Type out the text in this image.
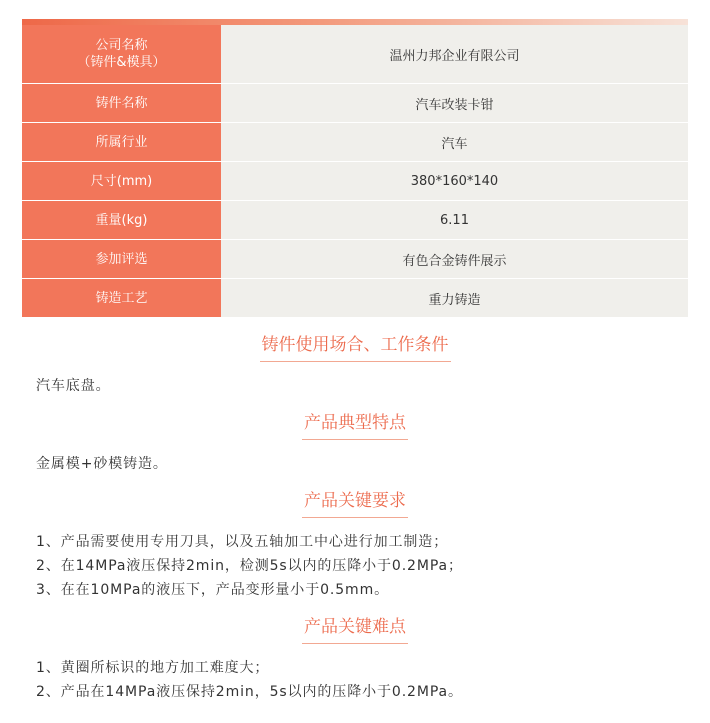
公司名称
（铸件&模具）	温州力邦企业有限公司
铸件名称	汽车改装卡钳
所属行业	汽车
尺寸(mm)	380*160*140
重量(kg)	6.11
参加评选	有色合金铸件展示
铸造工艺	重力铸造
铸件使用场合、工作条件

汽车底盘。

产品典型特点

金属模+砂模铸造。

产品关键要求

1、产品需要使用专用刀具，以及五轴加工中心进行加工制造；

2、在14MPa液压保持2min，检测5s以内的压降小于0.2MPa；

3、在在10MPa的液压下，产品变形量小于0.5mm。

产品关键难点

1、黄圈所标识的地方加工难度大；

2、产品在14MPa液压保持2min，5s以内的压降小于0.2MPa。
